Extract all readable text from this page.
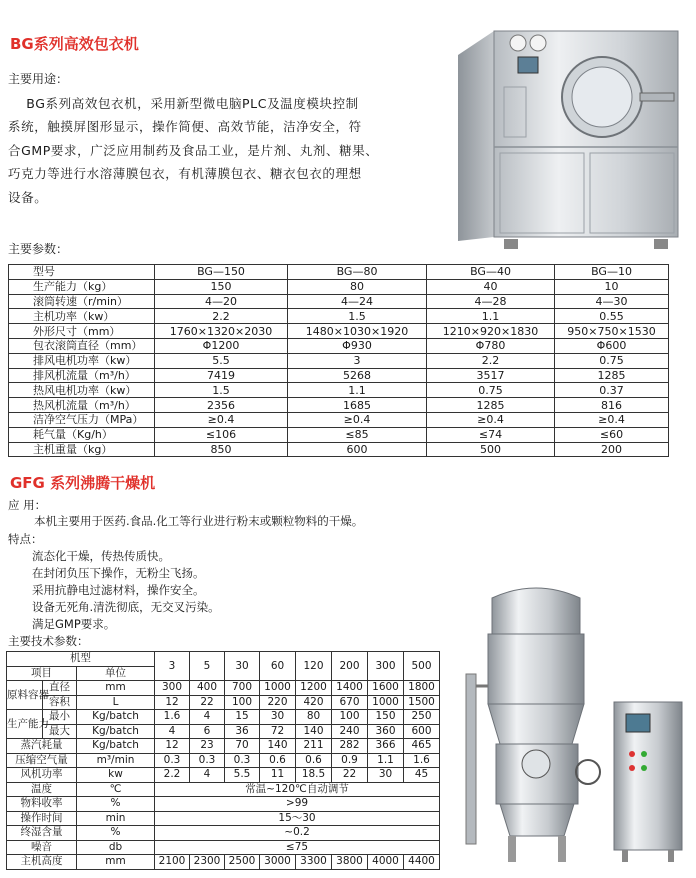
BG系列高效包衣机
主要用途：
BG系列高效包衣机，采用新型微电脑PLC及温度模块控制
系统，触摸屏图形显示，操作简便、高效节能，洁净安全，符
合GMP要求，广泛应用制药及食品工业，是片剂、丸剂、糖果、
巧克力等进行水溶薄膜包衣，有机薄膜包衣、糖衣包衣的理想
设备。
主要参数：
型号	BG—150	BG—80	BG—40	BG—10
生产能力（kg）	150	80	40	10
滚筒转速（r/min）	4—20	4—24	4—28	4—30
主机功率（kw）	2.2	1.5	1.1	0.55
外形尺寸（mm）	1760×1320×2030	1480×1030×1920	1210×920×1830	950×750×1530
包衣滚筒直径（mm）	Φ1200	Φ930	Φ780	Φ600
排风电机功率（kw）	5.5	3	2.2	0.75
排风机流量（m³/h）	7419	5268	3517	1285
热风电机功率（kw）	1.5	1.1	0.75	0.37
热风机流量（m³/h）	2356	1685	1285	816
洁净空气压力（MPa）	≥0.4	≥0.4	≥0.4	≥0.4
耗气量（Kg/h）	≤106	≤85	≤74	≤60
主机重量（kg）	850	600	500	200
GFG 系列沸腾干燥机
应 用：
本机主要用于医药.食品.化工等行业进行粉末或颗粒物料的干燥。
特点：
流态化干燥，传热传质快。
在封闭负压下操作，无粉尘飞扬。
采用抗静电过滤材料，操作安全。
设备无死角.清洗彻底，无交叉污染。
满足GMP要求。
主要技术参数：
机型			3	5	30	60	120	200	300	500
项目		单位								
原料容器	直径	mm	300	400	700	1000	1200	1400	1600	1800
	容积	L	12	22	100	220	420	670	1000	1500
生产能力	最小	Kg/batch	1.6	4	15	30	80	100	150	250
	最大	Kg/batch	4	6	36	72	140	240	360	600
蒸汽耗量		Kg/batch	12	23	70	140	211	282	366	465
压缩空气量		m³/min	0.3	0.3	0.3	0.6	0.6	0.9	1.1	1.6
风机功率		kw	2.2	4	5.5	11	18.5	22	30	45
温度		℃	常温~120℃自动调节							
物料收率		%	>99							
操作时间		min	15～30							
终湿含量		%	~0.2							
噪音		db	≤75							
主机高度		mm	2100	2300	2500	3000	3300	3800	4000	4400
